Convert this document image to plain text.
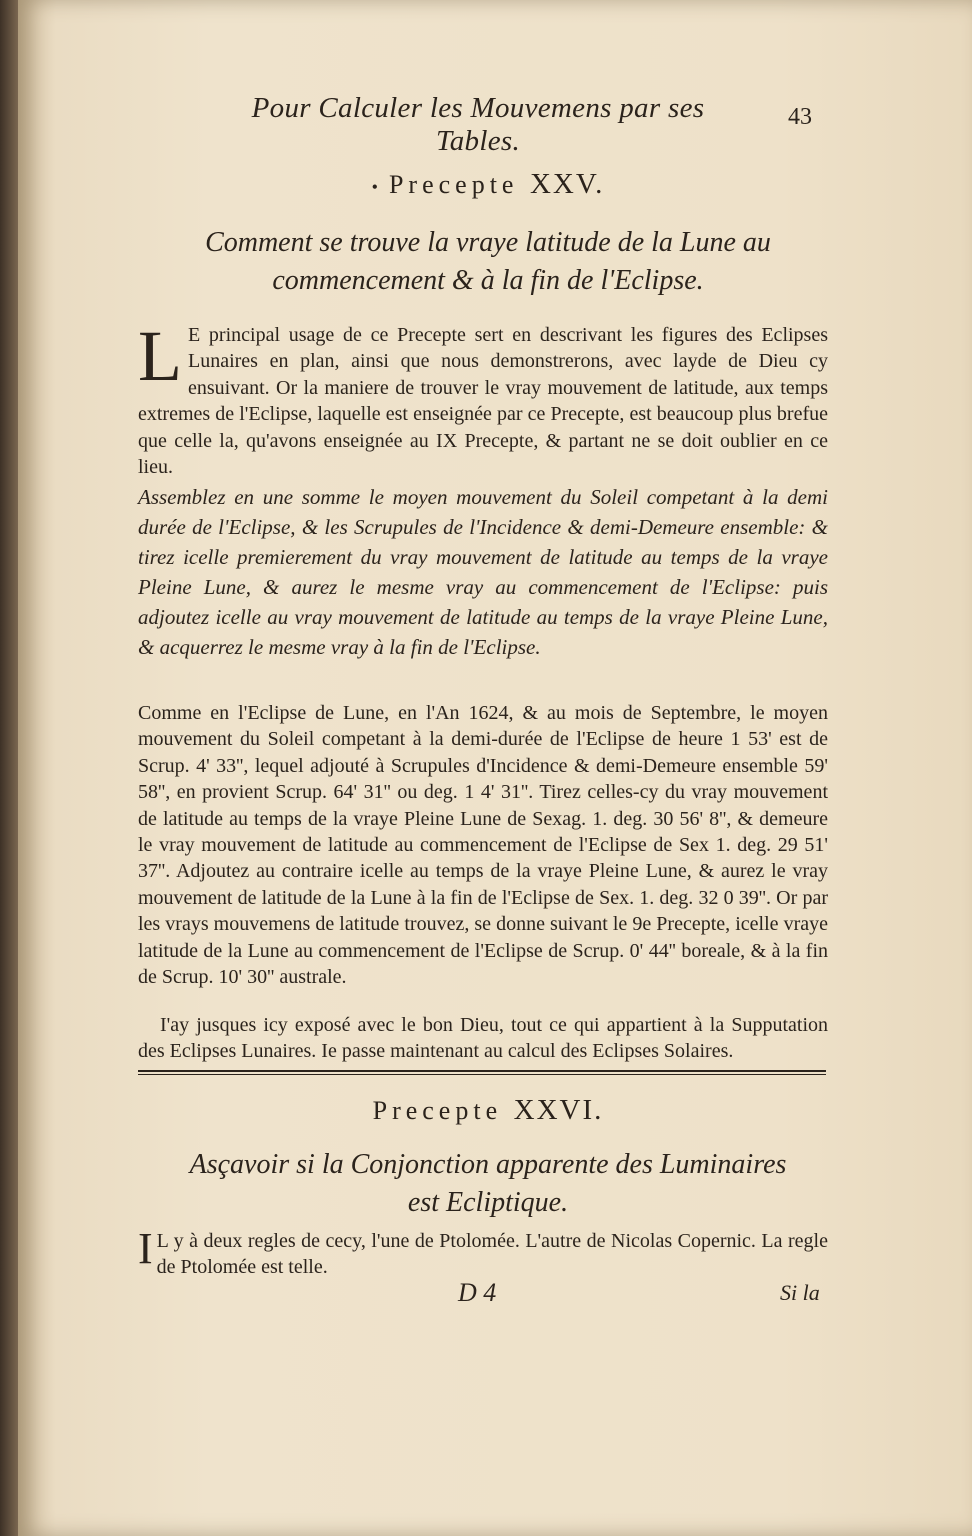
Pour Calculer les Mouvemens par ses Tables.
43
• Precepte XXV.
Comment se trouve la vraye latitude de la Lune au
commencement & à la fin de l'Eclipse.
L E principal usage de ce Precepte sert en descrivant les figures des Eclipses Lunaires en plan, ainsi que nous demonstrerons, avec layde de Dieu cy ensuivant. Or la maniere de trouver le vray mouvement de latitude, aux temps extremes de l'Eclipse, laquelle est enseignée par ce Precepte, est beaucoup plus brefue que celle la, qu'avons enseignée au IX Precepte, & partant ne se doit oublier en ce lieu.
Assemblez en une somme le moyen mouvement du Soleil competant à la demi durée de l'Eclipse, & les Scrupules de l'Incidence & demi-Demeure ensemble: & tirez icelle premierement du vray mouvement de latitude au temps de la vraye Pleine Lune, & aurez le mesme vray au commencement de l'Eclipse: puis adjoutez icelle au vray mouvement de latitude au temps de la vraye Pleine Lune, & acquerrez le mesme vray à la fin de l'Eclipse.
Comme en l'Eclipse de Lune, en l'An 1624, & au mois de Septembre, le moyen mouvement du Soleil competant à la demi-durée de l'Eclipse de heure 1 53' est de Scrup. 4' 33'', lequel adjouté à Scrupules d'Incidence & demi-Demeure ensemble 59' 58'', en provient Scrup. 64' 31'' ou deg. 1 4' 31''. Tirez celles-cy du vray mouvement de latitude au temps de la vraye Pleine Lune de Sexag. 1. deg. 30 56' 8'', & demeure le vray mouvement de latitude au commencement de l'Eclipse de Sex 1. deg. 29 51' 37''. Adjoutez au contraire icelle au temps de la vraye Pleine Lune, & aurez le vray mouvement de latitude de la Lune à la fin de l'Eclipse de Sex. 1. deg. 32 0 39''. Or par les vrays mouvemens de latitude trouvez, se donne suivant le 9e Precepte, icelle vraye latitude de la Lune au commencement de l'Eclipse de Scrup. 0' 44'' boreale, & à la fin de Scrup. 10' 30'' australe.
I'ay jusques icy exposé avec le bon Dieu, tout ce qui appartient à la Supputation des Eclipses Lunaires. Ie passe maintenant au calcul des Eclipses Solaires.
Precepte XXVI.
Asçavoir si la Conjonction apparente des Luminaires
est Ecliptique.
I L y à deux regles de cecy, l'une de Ptolomée. L'autre de Nicolas Copernic. La regle de Ptolomée est telle.
D 4	Si la
